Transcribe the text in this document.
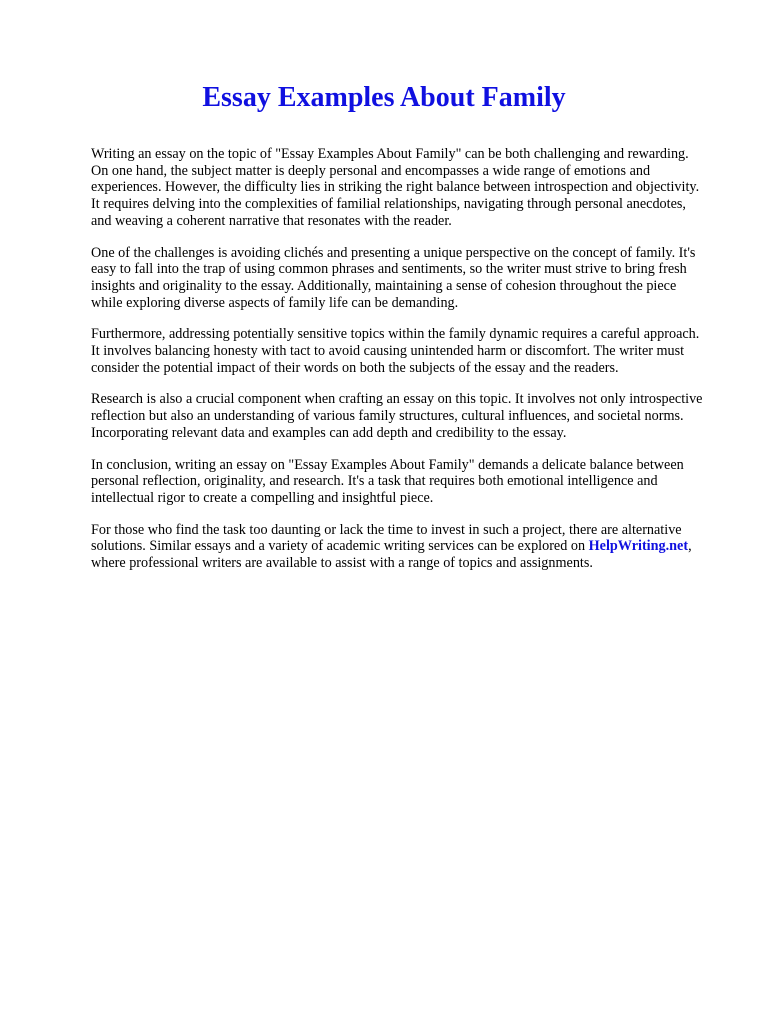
Essay Examples About Family

Writing an essay on the topic of "Essay Examples About Family" can be both challenging and rewarding. On one hand, the subject matter is deeply personal and encompasses a wide range of emotions and experiences. However, the difficulty lies in striking the right balance between introspection and objectivity. It requires delving into the complexities of familial relationships, navigating through personal anecdotes, and weaving a coherent narrative that resonates with the reader.

One of the challenges is avoiding clichés and presenting a unique perspective on the concept of family. It's easy to fall into the trap of using common phrases and sentiments, so the writer must strive to bring fresh insights and originality to the essay. Additionally, maintaining a sense of cohesion throughout the piece while exploring diverse aspects of family life can be demanding.

Furthermore, addressing potentially sensitive topics within the family dynamic requires a careful approach. It involves balancing honesty with tact to avoid causing unintended harm or discomfort. The writer must consider the potential impact of their words on both the subjects of the essay and the readers.

Research is also a crucial component when crafting an essay on this topic. It involves not only introspective reflection but also an understanding of various family structures, cultural influences, and societal norms. Incorporating relevant data and examples can add depth and credibility to the essay.

In conclusion, writing an essay on "Essay Examples About Family" demands a delicate balance between personal reflection, originality, and research. It's a task that requires both emotional intelligence and intellectual rigor to create a compelling and insightful piece.

For those who find the task too daunting or lack the time to invest in such a project, there are alternative solutions. Similar essays and a variety of academic writing services can be explored on HelpWriting.net, where professional writers are available to assist with a range of topics and assignments.
